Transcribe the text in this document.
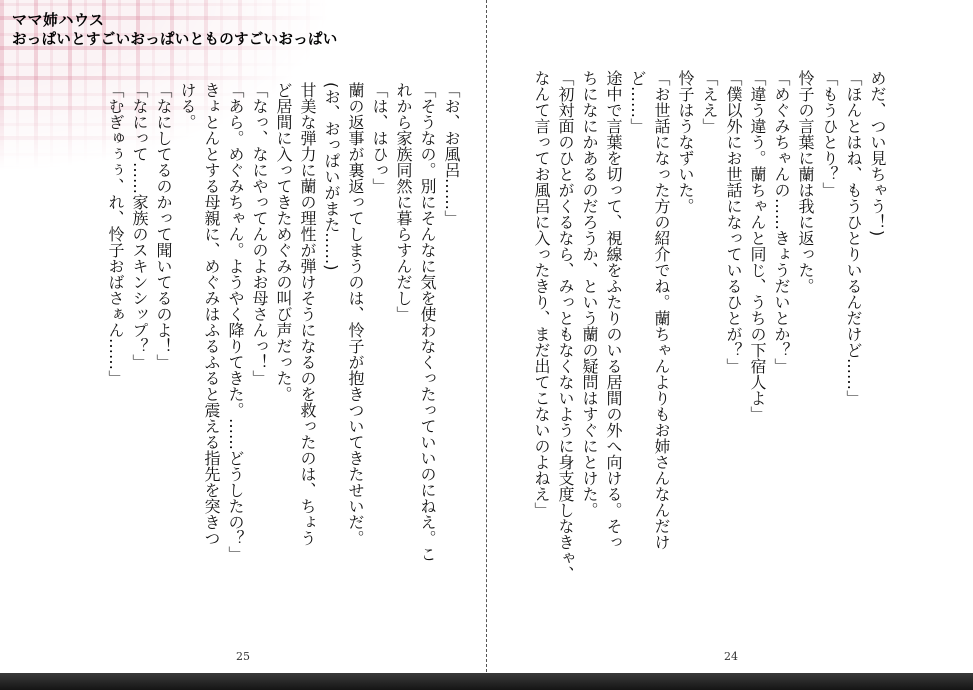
ママ姉ハウス
おっぱいとすごいおっぱいとものすごいおっぱい
「お、お風呂……」
「そうなの。別にそんなに気を使わなくったっていいのにねえ。こ
れから家族同然に暮らすんだし」
「は、はひっ」
蘭の返事が裏返ってしまうのは、怜子が抱きついてきたせいだ。
(お、おっぱいがまた……)
甘美な弾力に蘭の理性が弾けそうになるのを救ったのは、ちょう
ど居間に入ってきためぐみの叫び声だった。
「なっ、なにやってんのよお母さんっ！」
「あら。めぐみちゃん。ようやく降りてきた。……どうしたの？」
きょとんとする母親に、めぐみはふるふると震える指先を突きつ
ける。
「なにしてるのかって聞いてるのよ！」
「なにって……家族のスキンシップ？」
「むぎゅぅぅ、れ、怜子おばさぁん……」
25
めだ、つい見ちゃう！)
「ほんとはね、もうひとりいるんだけど……」
「もうひとり？」
怜子の言葉に蘭は我に返った。
「めぐみちゃんの……きょうだいとか？」
「違う違う。蘭ちゃんと同じ、うちの下宿人よ」
「僕以外にお世話になっているひとが？」
「ええ」
怜子はうなずいた。
「お世話になった方の紹介でね。蘭ちゃんよりもお姉さんなんだけ
ど……」
途中で言葉を切って、視線をふたりのいる居間の外へ向ける。そっ
ちになにかあるのだろうか、という蘭の疑問はすぐにとけた。
「初対面のひとがくるなら、みっともなくないように身支度しなきゃ、
なんて言ってお風呂に入ったきり、まだ出てこないのよねえ」
24
